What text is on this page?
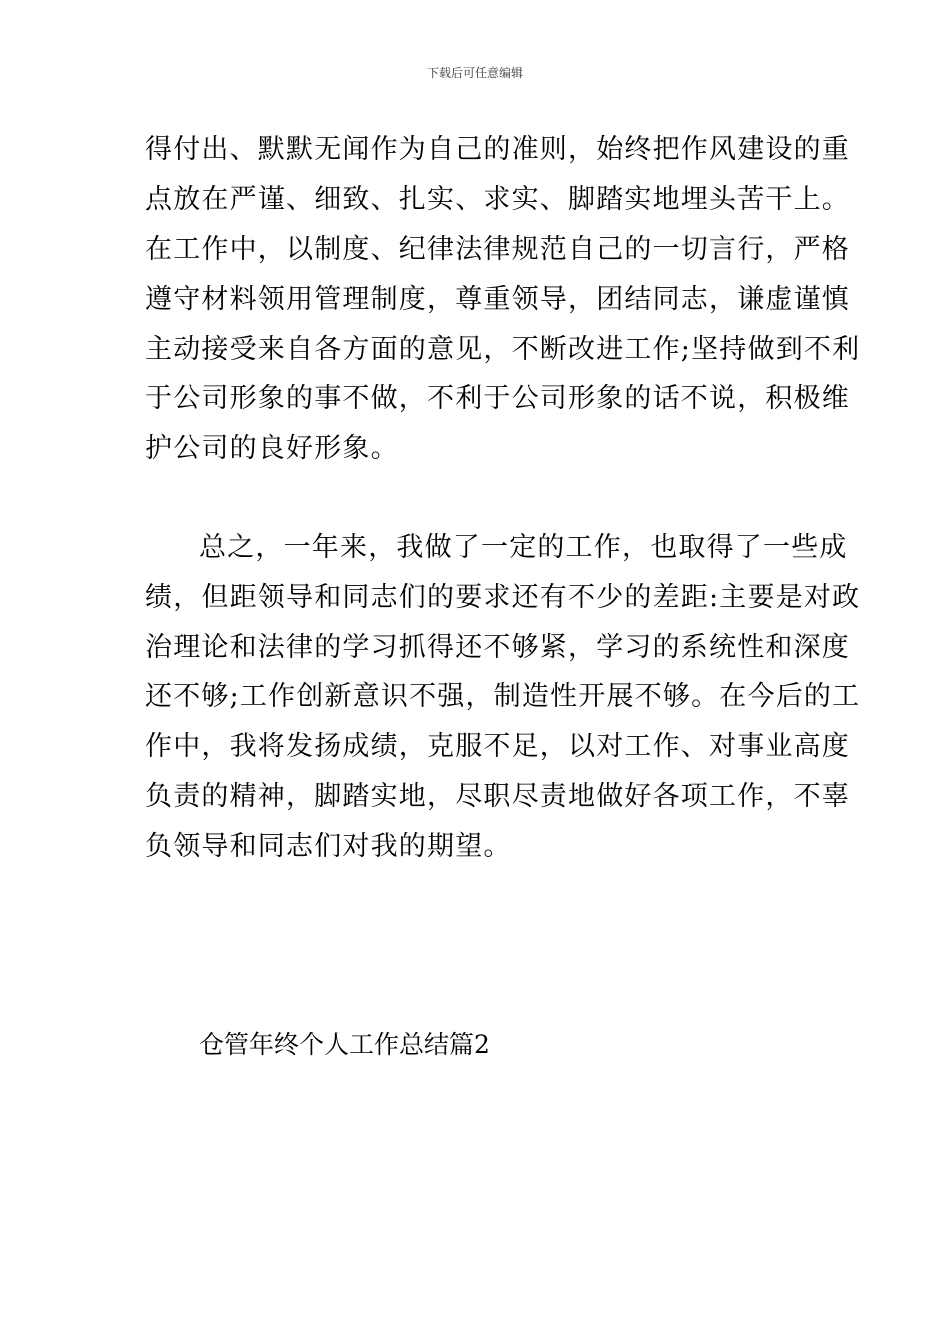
下载后可任意编辑
得付出、默默无闻作为自己的准则，始终把作风建设的重
点放在严谨、细致、扎实、求实、脚踏实地埋头苦干上。
在工作中，以制度、纪律法律规范自己的一切言行，严格
遵守材料领用管理制度，尊重领导，团结同志，谦虚谨慎
主动接受来自各方面的意见，不断改进工作;坚持做到不利
于公司形象的事不做，不利于公司形象的话不说，积极维
护公司的良好形象。
总之，一年来，我做了一定的工作，也取得了一些成
绩，但距领导和同志们的要求还有不少的差距:主要是对政
治理论和法律的学习抓得还不够紧，学习的系统性和深度
还不够;工作创新意识不强，制造性开展不够。在今后的工
作中，我将发扬成绩，克服不足，以对工作、对事业高度
负责的精神，脚踏实地，尽职尽责地做好各项工作，不辜
负领导和同志们对我的期望。
仓管年终个人工作总结篇2
